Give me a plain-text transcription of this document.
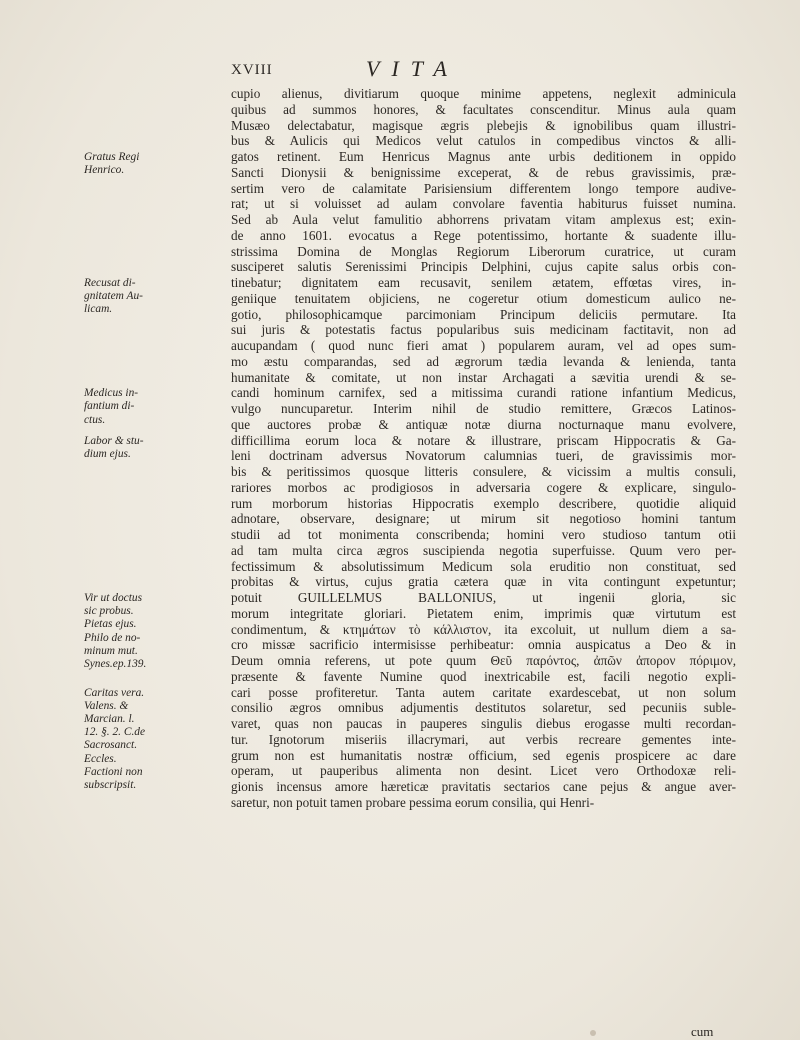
XVIII	VITA
cupio alienus, divitiarum quoque minime appetens, neglexit adminicula
quibus ad summos honores, & facultates conscenditur. Minus aula quam
Musæo delectabatur, magisque ægris plebejis & ignobilibus quam illustri-
bus & Aulicis qui Medicos velut catulos in compedibus vinctos & alli-
gatos retinent. Eum Henricus Magnus ante urbis deditionem in oppido
Sancti Dionysii & benignissime exceperat, & de rebus gravissimis, præ-
sertim vero de calamitate Parisiensium differentem longo tempore audive-
rat; ut si voluisset ad aulam convolare faventia habiturus fuisset numina.
Sed ab Aula velut famulitio abhorrens privatam vitam amplexus est; exin-
de anno 1601. evocatus a Rege potentissimo, hortante & suadente illu-
strissima Domina de Monglas Regiorum Liberorum curatrice, ut curam
susciperet salutis Serenissimi Principis Delphini, cujus capite salus orbis con-
tinebatur; dignitatem eam recusavit, senilem ætatem, effœtas vires, in-
geniique tenuitatem objiciens, ne cogeretur otium domesticum aulico ne-
gotio, philosophicamque parcimoniam Principum deliciis permutare. Ita
sui juris & potestatis factus popularibus suis medicinam factitavit, non ad
aucupandam ( quod nunc fieri amat ) popularem auram, vel ad opes sum-
mo æstu comparandas, sed ad ægrorum tædia levanda & lenienda, tanta
humanitate & comitate, ut non instar Archagati a sævitia urendi & se-
candi hominum carnifex, sed a mitissima curandi ratione infantium Medicus,
vulgo nuncuparetur. Interim nihil de studio remittere, Græcos Latinos-
que auctores probæ & antiquæ notæ diurna nocturnaque manu evolvere,
difficillima eorum loca & notare & illustrare, priscam Hippocratis & Ga-
leni doctrinam adversus Novatorum calumnias tueri, de gravissimis mor-
bis & peritissimos quosque litteris consulere, & vicissim a multis consuli,
rariores morbos ac prodigiosos in adversaria cogere & explicare, singulo-
rum morborum historias Hippocratis exemplo describere, quotidie aliquid
adnotare, observare, designare; ut mirum sit negotioso homini tantum
studii ad tot monimenta conscribenda; homini vero studioso tantum otii
ad tam multa circa ægros suscipienda negotia superfuisse. Quum vero per-
fectissimum & absolutissimum Medicum sola eruditio non constituat, sed
probitas & virtus, cujus gratia cætera quæ in vita contingunt expetuntur;
potuit GUILLELMUS BALLONIUS, ut ingenii gloria, sic
morum integritate gloriari. Pietatem enim, imprimis quæ virtutum est
condimentum, & κτημάτων τὸ κάλλιστον, ita excoluit, ut nullum diem a sa-
cro missæ sacrificio intermisisse perhibeatur: omnia auspicatus a Deo & in
Deum omnia referens, ut pote quum Θεῦ παρόντος, ἀπῶν ἀπορον πόριμον,
præsente & favente Numine quod inextricabile est, facili negotio expli-
cari posse profiteretur. Tanta autem caritate exardescebat, ut non solum
consilio ægros omnibus adjumentis destitutos solaretur, sed pecuniis suble-
varet, quas non paucas in pauperes singulis diebus erogasse multi recordan-
tur. Ignotorum miseriis illacrymari, aut verbis recreare gementes inte-
grum non est humanitatis nostræ officium, sed egenis prospicere ac dare
operam, ut pauperibus alimenta non desint. Licet vero Orthodoxæ reli-
gionis incensus amore hæreticæ pravitatis sectarios cane pejus & angue aver-
saretur, non potuit tamen probare pessima eorum consilia, qui Henri-
Gratus Regi
Henrico.
Recusat di-
gnitatem Au-
licam.
Medicus in-
fantium di-
ctus.
Labor & stu-
dium ejus.
Vir ut doctus
sic probus.
Pietas ejus.
Philo de no-
minum mut.
Synes.ep.139.
Caritas vera.
Valens. &
Marcian. l.
12. §. 2. C.de
Sacrosanct.
Eccles.
Factioni non
subscripsit.
cum
